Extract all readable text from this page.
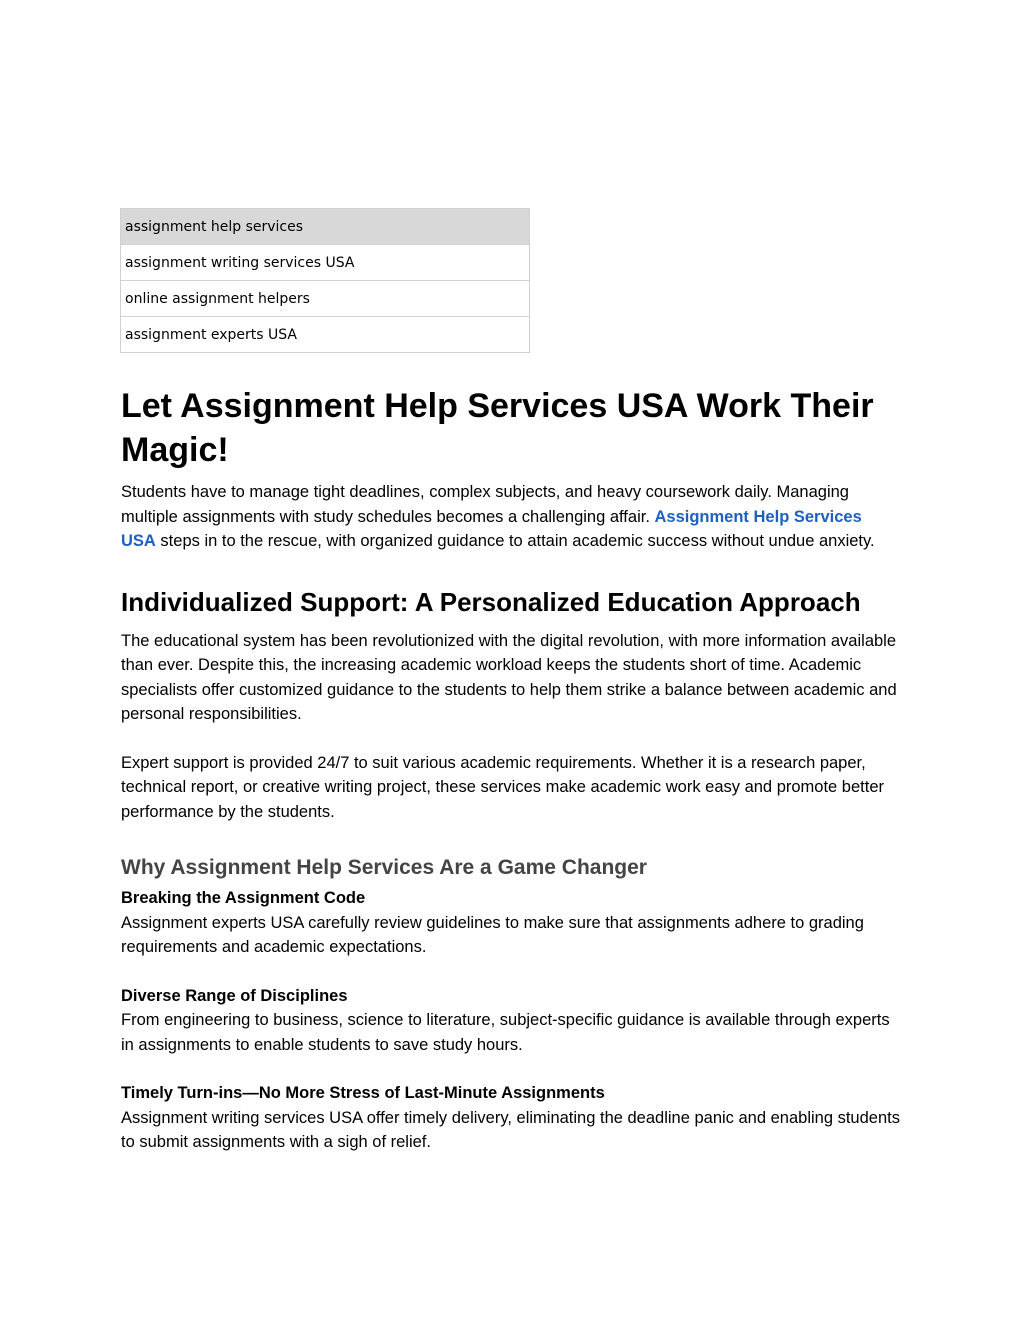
assignment help services
assignment writing services USA
online assignment helpers
assignment experts USA
Let Assignment Help Services USA Work Their Magic!

Students have to manage tight deadlines, complex subjects, and heavy coursework daily. Managing multiple assignments with study schedules becomes a challenging affair. Assignment Help Services USA steps in to the rescue, with organized guidance to attain academic success without undue anxiety.

Individualized Support: A Personalized Education Approach

The educational system has been revolutionized with the digital revolution, with more information available than ever. Despite this, the increasing academic workload keeps the students short of time. Academic specialists offer customized guidance to the students to help them strike a balance between academic and personal responsibilities.

Expert support is provided 24/7 to suit various academic requirements. Whether it is a research paper, technical report, or creative writing project, these services make academic work easy and promote better performance by the students.

Why Assignment Help Services Are a Game Changer

Breaking the Assignment Code
Assignment experts USA carefully review guidelines to make sure that assignments adhere to grading requirements and academic expectations.

Diverse Range of Disciplines
From engineering to business, science to literature, subject-specific guidance is available through experts in assignments to enable students to save study hours.

Timely Turn-ins—No More Stress of Last-Minute Assignments
Assignment writing services USA offer timely delivery, eliminating the deadline panic and enabling students to submit assignments with a sigh of relief.
